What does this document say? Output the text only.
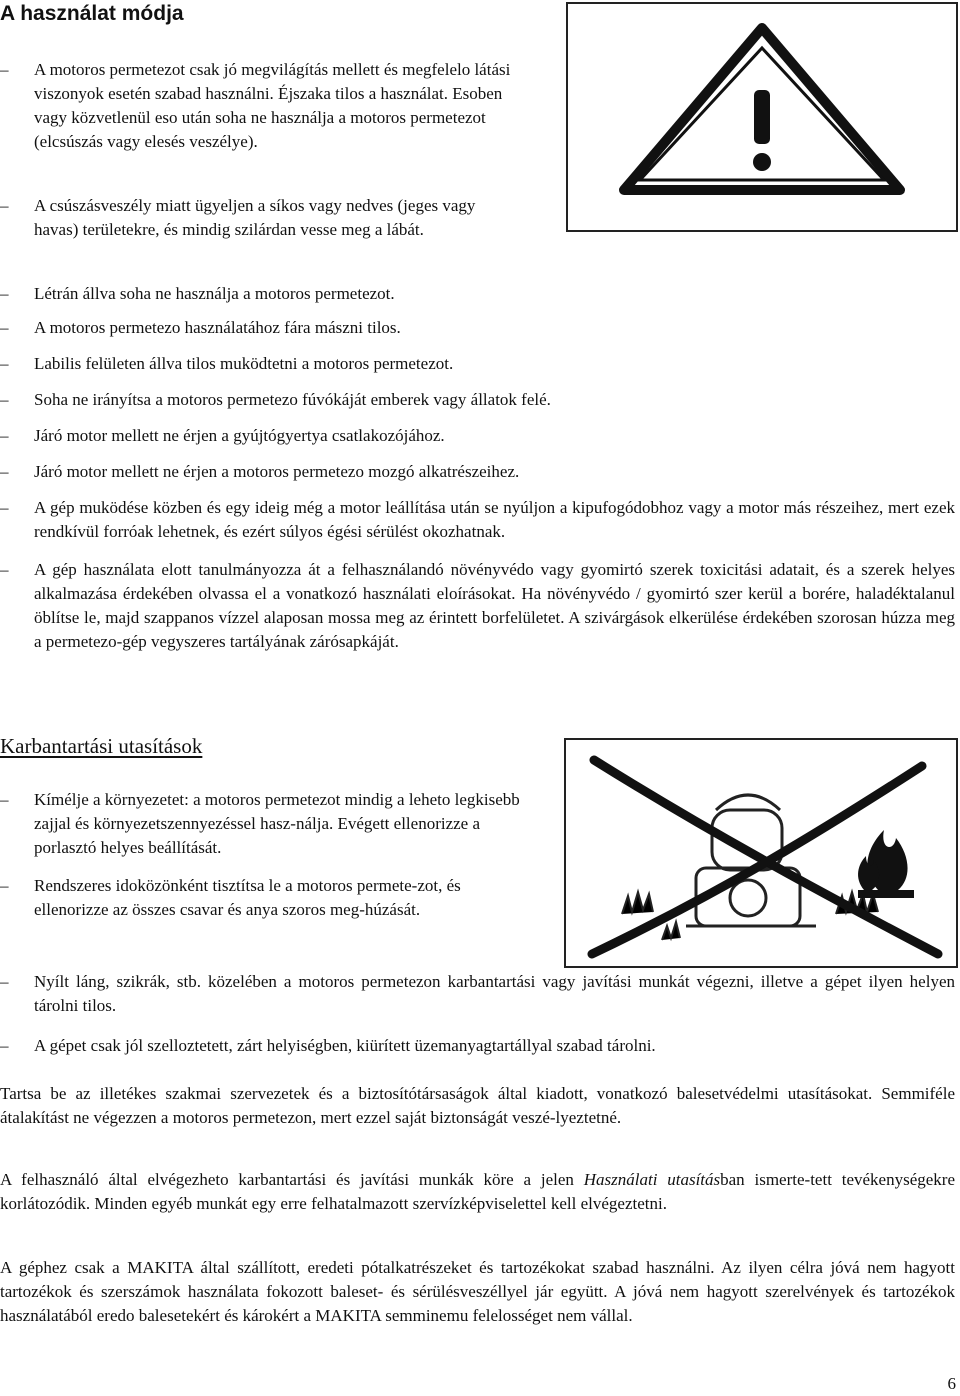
A használat módja
–	A motoros permetezot csak jó megvilágítás mellett és megfelelo látási viszonyok esetén szabad használni. Éjszaka tilos a használat. Esoben vagy közvetlenül eso után soha ne használja a motoros permetezot (elcsúszás vagy elesés veszélye).
–	A csúszásveszély miatt ügyeljen a síkos vagy nedves (jeges vagy havas) területekre, és mindig szilárdan vesse meg a lábát.
–	Létrán állva soha ne használja a motoros permetezot.
–	A motoros permetezo használatához fára mászni tilos.
–	Labilis felületen állva tilos muködtetni a motoros permetezot.
–	Soha ne irányítsa a motoros permetezo fúvókáját emberek vagy állatok felé.
–	Járó motor mellett ne érjen a gyújtógyertya csatlakozójához.
–	Járó motor mellett ne érjen a motoros permetezo mozgó alkatrészeihez.
–	A gép muködése közben és egy ideig még a motor leállítása után se nyúljon a kipufogódobhoz vagy a motor más részeihez, mert ezek rendkívül forróak lehetnek, és ezért súlyos égési sérülést okozhatnak.
–	A gép használata elott tanulmányozza át a felhasználandó növényvédo vagy gyomirtó szerek toxicitási adatait, és a szerek helyes alkalmazása érdekében olvassa el a vonatkozó használati eloírásokat. Ha növényvédo / gyomirtó szer kerül a borére, haladéktalanul öblítse le, majd szappanos vízzel alaposan mossa meg az érintett borfelületet. A szivárgások elkerülése érdekében szorosan húzza meg a permetezo-gép vegyszeres tartályának zárósapkáját.
Karbantartási utasítások
–	Kímélje a környezetet: a motoros permetezot mindig a leheto legkisebb zajjal és környezetszennyezéssel hasz-nálja. Evégett ellenorizze a porlasztó helyes beállítását.
–	Rendszeres idoközönként tisztítsa le a motoros permete-zot, és ellenorizze az összes csavar és anya szoros meg-húzását.
–	Nyílt láng, szikrák, stb. közelében a motoros permetezon karbantartási vagy javítási munkát végezni, illetve a gépet ilyen helyen tárolni tilos.
–	A gépet csak jól szelloztetett, zárt helyiségben, kiürített üzemanyagtartállyal szabad tárolni.

Tartsa be az illetékes szakmai szervezetek és a biztosítótársaságok által kiadott, vonatkozó balesetvédelmi utasításokat. Semmiféle átalakítást ne végezzen a motoros permetezon, mert ezzel saját biztonságát veszé-lyeztetné.

A felhasználó által elvégezheto karbantartási és javítási munkák köre a jelen Használati utasításban ismerte-tett tevékenységekre korlátozódik. Minden egyéb munkát egy erre felhatalmazott szervízképviselettel kell elvégeztetni.

A géphez csak a MAKITA által szállított, eredeti pótalkatrészeket és tartozékokat szabad használni. Az ilyen célra jóvá nem hagyott tartozékok és szerszámok használata fokozott baleset- és sérülésveszéllyel jár együtt. A jóvá nem hagyott szerelvények és tartozékok használatából eredo balesetekért és károkért a MAKITA semminemu felelosséget nem vállal.

6
